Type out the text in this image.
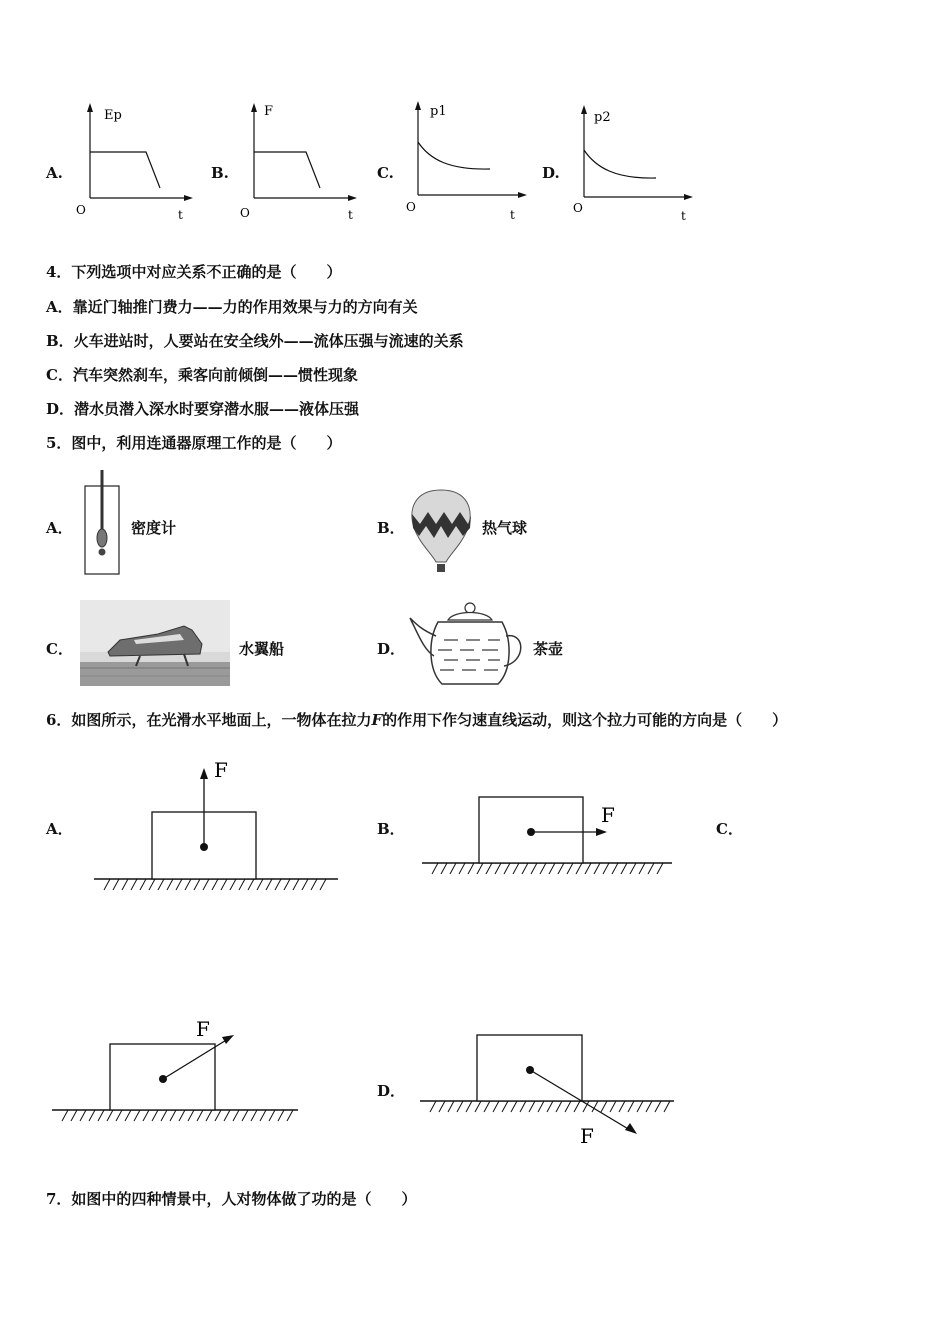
A.
Ep
O	t
B.
F
O	t
C.
p1
O
t
D.
p2
O
t
4．下列选项中对应关系不正确的是（　　）
A．靠近门轴推门费力——力的作用效果与力的方向有关
B．火车进站时，人要站在安全线外——流体压强与流速的关系
C．汽车突然刹车，乘客向前倾倒——惯性现象
D．潜水员潜入深水时要穿潜水服——液体压强
5．图中，利用连通器原理工作的是（　　）
A．	密度计	B．	热气球
C．	水翼船	D．	茶壶
6．如图所示，在光滑水平地面上，一物体在拉力F的作用下作匀速直线运动，则这个拉力可能的方向是（　　）
A．
F
B．
F
C．
F
D．
F
7．如图中的四种情景中，人对物体做了功的是（　　）
